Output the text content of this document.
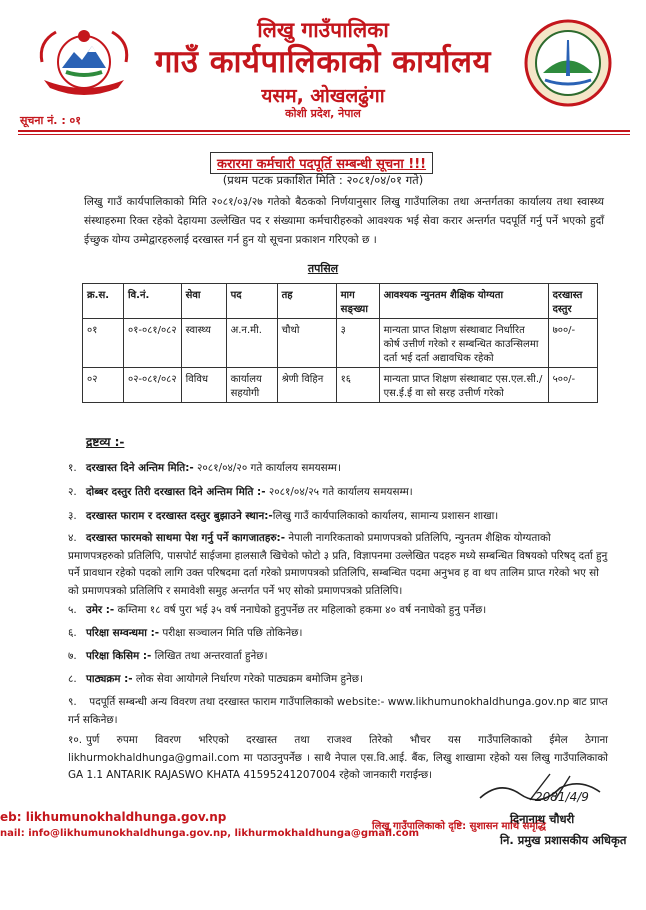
लिखु गाउँपालिका
गाउँ कार्यपालिकाको कार्यालय
यसम, ओखलढुंगा
कोशी प्रदेश, नेपाल
सूचना नं. : ०१
करारमा कर्मचारी पदपूर्ति सम्बन्धी सूचना !!!
(प्रथम पटक प्रकाशित मिति : २०८१/०४/०१ गते)
लिखु गाउँ कार्यपालिकाको मिति २०८१/०३/२७ गतेको बैठकको निर्णयानुसार लिखु गाउँपालिका तथा अन्तर्गतका कार्यालय तथा स्वास्थ्य संस्थाहरुमा रिक्त रहेको देहायमा उल्लेखित पद र संख्यामा कर्मचारीहरुको आवश्यक भई सेवा करार अन्तर्गत पदपूर्ति गर्नु पर्ने भएकाे हुदाँ ईच्छुक योग्य उम्मेद्वारहरुलाई दरखास्त गर्न हुन यो सूचना प्रकाशन गरिएको छ ।
तपसिल
क्र.स.	वि.नं.	सेवा	पद	तह	माग सङ्ख्या	आवश्यक न्युनतम शैक्षिक योग्यता	दरखास्त दस्तुर
०१	०१-०८१/०८२	स्वास्थ्य	अ.न.मी.	चौथो	३	मान्यता प्राप्त शिक्षण संस्थाबाट निर्धारित कोर्ष उत्तीर्ण गरेको र सम्बन्धित काउन्सिलमा दर्ता भई दर्ता अद्यावधिक रहेको	७००/-
०२	०२-०८१/०८२	विविध	कार्यालय सहयोगी	श्रेणी विहिन	१६	मान्यता प्राप्त शिक्षण संस्थाबाट एस.एल.सी./एस.ई.ई वा सो सरह उत्तीर्ण गरेको	५००/-
द्रष्टव्य :-
१. दरखास्त दिने अन्तिम मिति:- २०८१/०४/२० गते कार्यालय समयसम्म।
२. दोब्बर दस्तुर तिरी दरखास्त दिने अन्तिम मिति :- २०८१/०४/२५ गते कार्यालय समयसम्म।
३. दरखास्त फाराम र दरखास्त दस्तुर बुझाउने स्थान:-लिखु गाउँ कार्यपालिकाको कार्यालय, सामान्य प्रशासन शाखा।
४. दरखास्त फारमको साथमा पेश गर्नु पर्ने कागजातहरु:- नेपाली नागरिकताको प्रमाणपत्रको प्रतिलिपि, न्युनतम शैक्षिक योग्यताको प्रमाणपत्रहरुको प्रतिलिपि, पासपोर्ट साईजमा हालसालै खिचेको फोटो ३ प्रति, विज्ञापनमा उल्लेखित पदहरु मध्ये सम्बन्धित विषयको परिषद् दर्ता हुनु पर्ने प्रावधान रहेको पदको लागि उक्त परिषदमा दर्ता गरेको प्रमाणपत्रको प्रतिलिपि, सम्बन्धित पदमा अनुभव ह वा थप तालिम प्राप्त गरेको भए सो को प्रमाणपत्रको प्रतिलिपि र समावेशी समुह अन्तर्गत पर्ने भए सोको प्रमाणपत्रको प्रतिलिपि।
५. उमेर :- कम्तिमा १८ वर्ष पुरा भई ३५ वर्ष ननाघेको हुनुपर्नेछ तर महिलाको हकमा ४० वर्ष ननाघेको हुनु पर्नेछ।
६. परिक्षा सम्वन्धमा :- परीक्षा सञ्चालन मिति पछि तोकिनेछ।
७. परिक्षा किसिम :- लिखित तथा अन्तरवार्ता हुनेछ।
८. पाठ्यक्रम :- लोक सेवा आयोगले निर्धारण गरेको पाठ्यक्रम बमोजिम हुनेछ।
९. पदपूर्ति सम्बन्धी अन्य विवरण तथा दरखास्त फाराम गाउँपालिकाको website:- www.likhumunokhaldhunga.gov.np बाट प्राप्त गर्न सकिनेछ।
१०. पुर्ण रुपमा विवरण भरिएको दरखास्त तथा राजश्व तिरेको भौचर यस गाउँपालिकाको ईमेल ठेगाना likhurmokhaldhunga@gmail.com मा पठाउनुपर्नेछ । साथै नेपाल एस.वि.आई. बैंक, लिखु शाखामा रहेको यस लिखु गाउँपालिकाको GA 1.1 ANTARIK RAJASWO KHATA 41595241207004 रहेको जानकारी गराईन्छ।
2081/4/9
eb: likhumunokhaldhunga.gov.np
nail: info@likhumunokhaldhunga.gov.np, likhurmokhaldhunga@gmail.com
लिखु गाउँपालिकाको दृष्टि: सुशासन माथि समृद्धि
दिनानाथ चौधरी
नि. प्रमुख प्रशासकीय अधिकृत
